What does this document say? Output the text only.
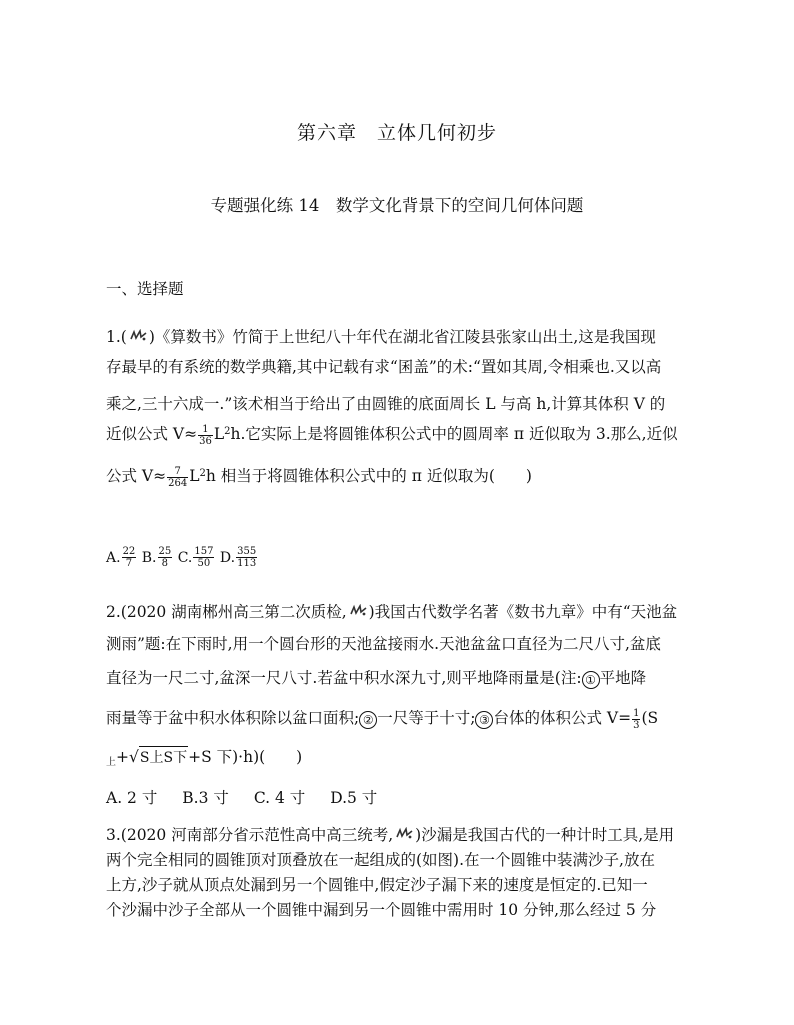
第六章　立体几何初步
专题强化练 14　数学文化背景下的空间几何体问题
一、选择题
1.( )《算数书》竹简于上世纪八十年代在湖北省江陵县张家山出土,这是我国现
存最早的有系统的数学典籍,其中记载有求“囷盖”的术:“置如其周,令相乘也.又以高
乘之,三十六成一.”该术相当于给出了由圆锥的底面周长 L 与高 h,计算其体积 V 的
近似公式 $V\approx \frac{1}{36} L^2h$.它实际上是将圆锥体积公式中的圆周率 π 近似取为 3.那么,近似
公式 $V\approx \frac{7}{264} L^2h$ 相当于将圆锥体积公式中的 π 近似取为(　　)
A. $\frac{22}{7} B$. $\frac{25}{8} C$. $\frac{157}{50} D$. $\frac{355}{113}$
2.(2020 湖南郴州高三第二次质检, )我国古代数学名著《数书九章》中有“天池盆
测雨”题:在下雨时,用一个圆台形的天池盆接雨水.天池盆盆口直径为二尺八寸,盆底
直径为一尺二寸,盆深一尺八寸.若盆中积水深九寸,则平地降雨量是(注: ① 平地降
雨量等于盆中积水体积除以盆口面积; ② 一尺等于十寸; ③ 台体的体积公式 $V= \frac{1}{3} (S$
$_上$+√S上S下+S 下)·h)(　　)
A. 2 寸 B.3 寸 C. 4 寸 D.5 寸
3.(2020 河南部分省示范性高中高三统考, )沙漏是我国古代的一种计时工具,是用
两个完全相同的圆锥顶对顶叠放在一起组成的(如图).在一个圆锥中装满沙子,放在
上方,沙子就从顶点处漏到另一个圆锥中,假定沙子漏下来的速度是恒定的.已知一
个沙漏中沙子全部从一个圆锥中漏到另一个圆锥中需用时 10 分钟,那么经过 5 分
